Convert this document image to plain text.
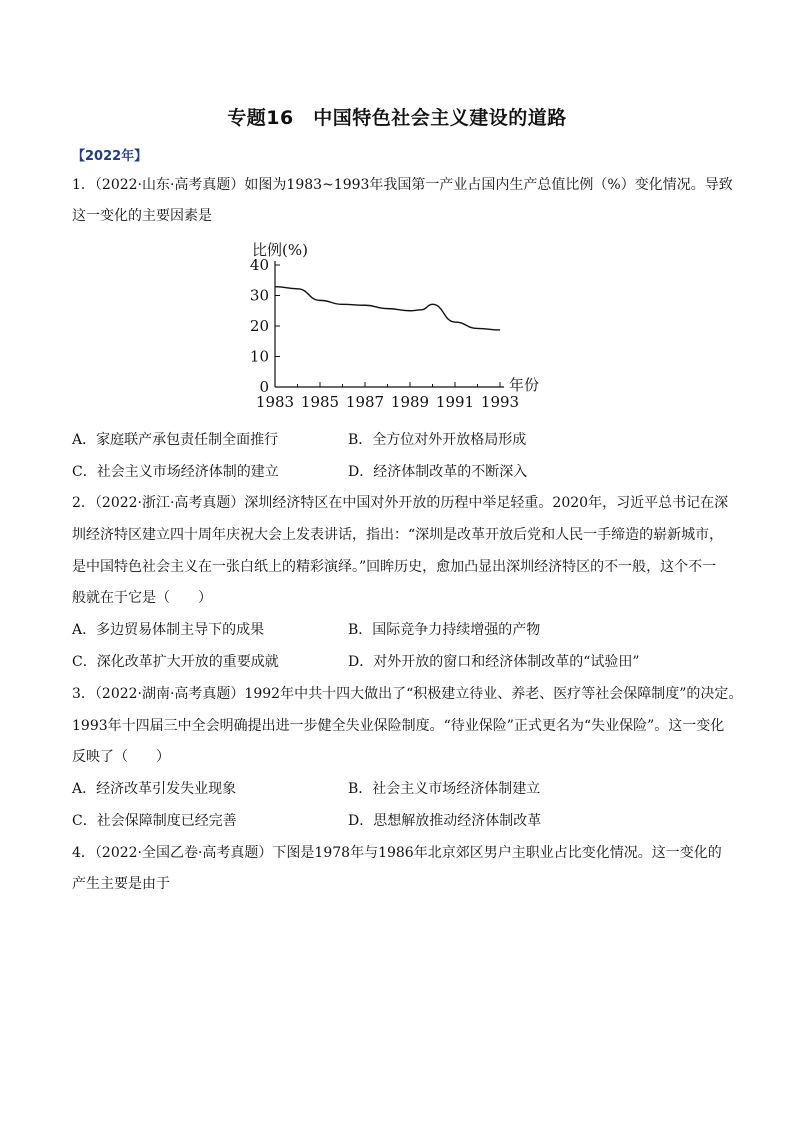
专题16　中国特色社会主义建设的道路
【2022年】
1．（2022·山东·高考真题）如图为1983~1993年我国第一产业占国内生产总值比例（%）变化情况。导致
这一变化的主要因素是
比例(%)
年份
0
10
20
30
40
1983 1985 1987 1989 1991 1993
A．家庭联产承包责任制全面推行	B．全方位对外开放格局形成
C．社会主义市场经济体制的建立	D．经济体制改革的不断深入
2．（2022·浙江·高考真题）深圳经济特区在中国对外开放的历程中举足轻重。2020年，习近平总书记在深
圳经济特区建立四十周年庆祝大会上发表讲话，指出：“深圳是改革开放后党和人民一手缔造的崭新城市，
是中国特色社会主义在一张白纸上的精彩演绎。”回眸历史，愈加凸显出深圳经济特区的不一般，这个不一
般就在于它是（　　）
A．多边贸易体制主导下的成果	B．国际竞争力持续增强的产物
C．深化改革扩大开放的重要成就	D．对外开放的窗口和经济体制改革的“试验田”
3．（2022·湖南·高考真题）1992年中共十四大做出了“积极建立待业、养老、医疗等社会保障制度”的决定。
1993年十四届三中全会明确提出进一步健全失业保险制度。“待业保险”正式更名为“失业保险”。这一变化
反映了（　　）
A．经济改革引发失业现象	B．社会主义市场经济体制建立
C．社会保障制度已经完善	D．思想解放推动经济体制改革
4．（2022·全国乙卷·高考真题）下图是1978年与1986年北京郊区男户主职业占比变化情况。这一变化的
产生主要是由于
